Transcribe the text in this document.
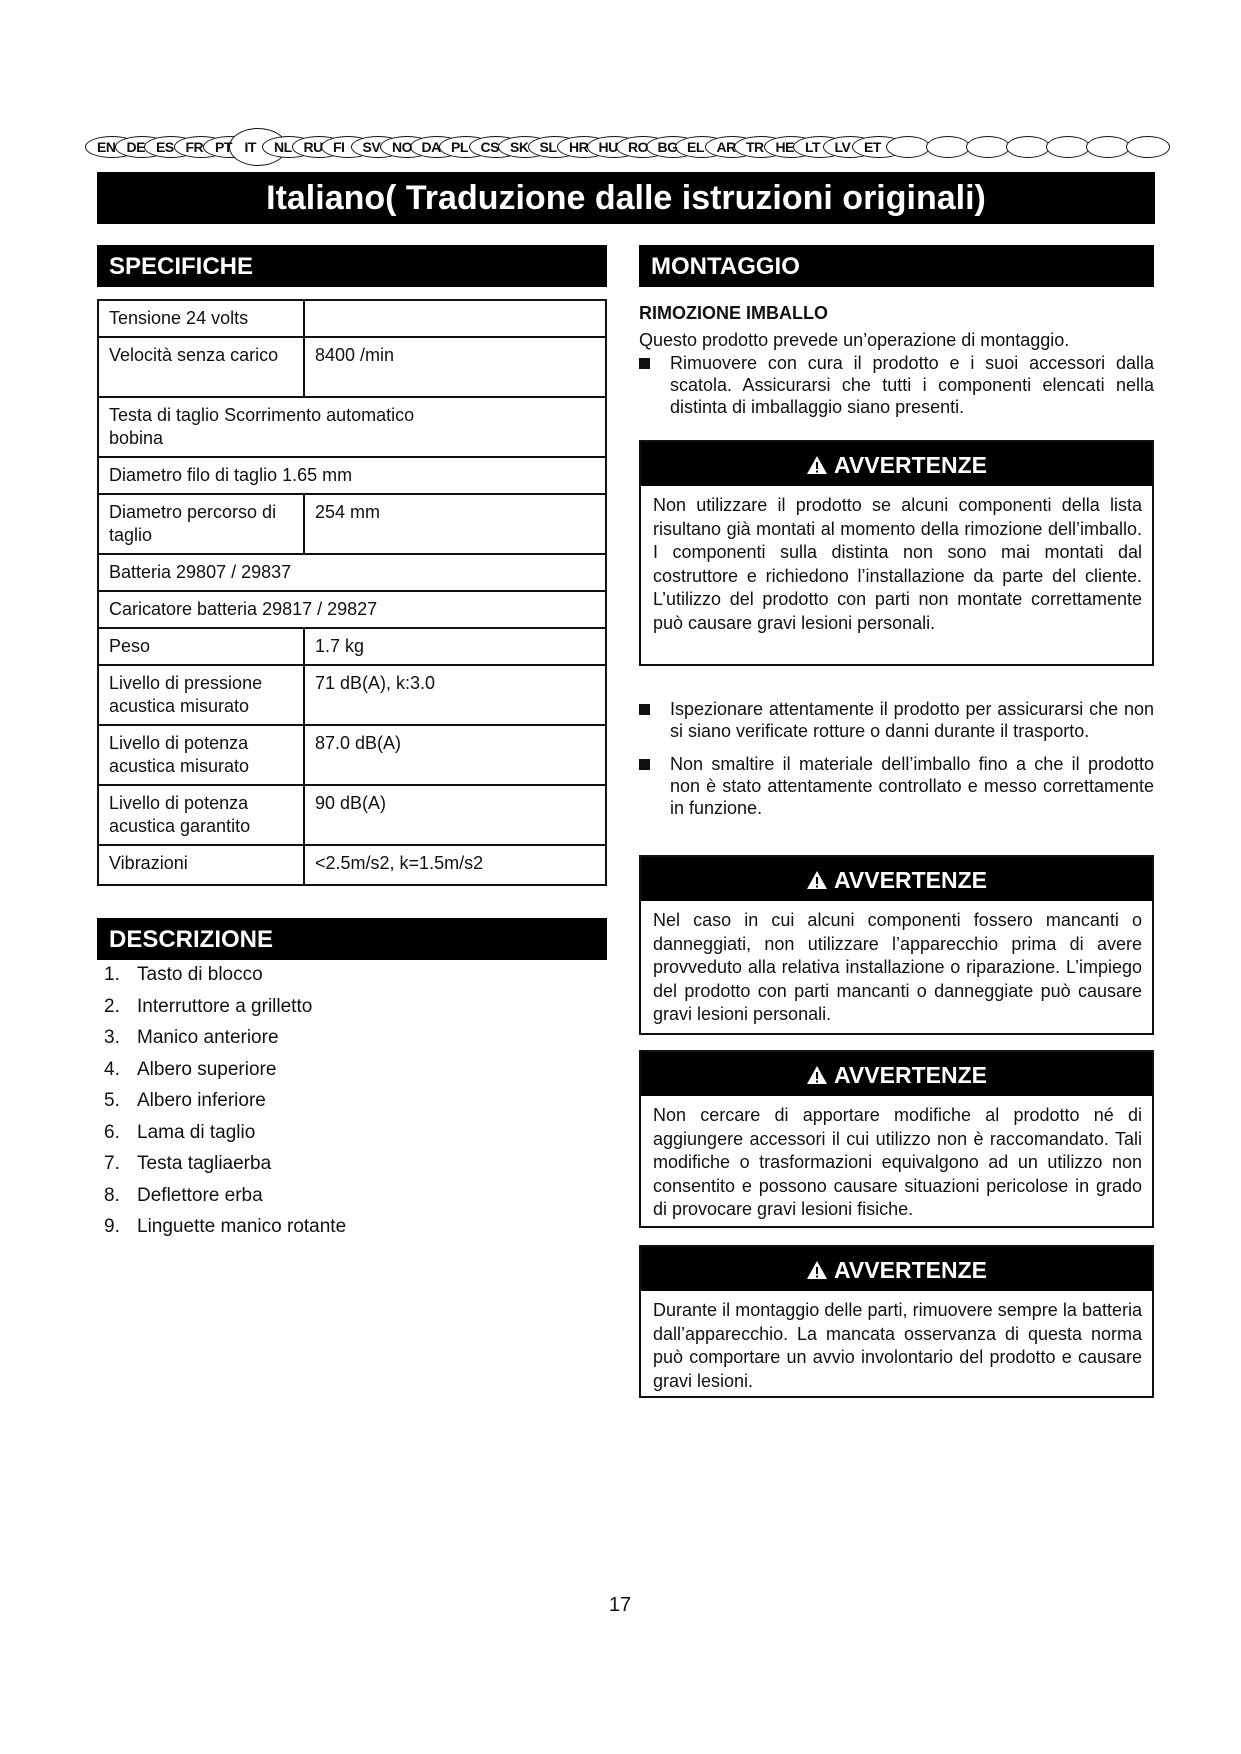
EN DE ES FR PT IT NL RU FI SV NO DA PL CS SK SL HR HU RO BG EL AR TR HE LT LV ET
Italiano( Traduzione dalle istruzioni originali)
SPECIFICHE
Tensione 24 volts	
Velocità senza carico	8400 /min

Testa di taglio Scorrimento automatico bobina	

Diametro filo di taglio 1.65 mm	
Diametro percorso di taglio	254 mm
Batteria 29807 / 29837	
Caricatore batteria 29817 / 29827	
Peso	1.7 kg
Livello di pressione acustica misurato	71 dB(A), k:3.0
Livello di potenza acustica misurato	87.0 dB(A)
Livello di potenza acustica garantito	90 dB(A)
Vibrazioni	<2.5m/s2, k=1.5m/s2
DESCRIZIONE
1. Tasto di blocco
2. Interruttore a grilletto
3. Manico anteriore
4. Albero superiore
5. Albero inferiore
6. Lama di taglio
7. Testa tagliaerba
8. Deflettore erba
9. Linguette manico rotante
MONTAGGIO
RIMOZIONE IMBALLO
Questo prodotto prevede un’operazione di montaggio.
Rimuovere con cura il prodotto e i suoi accessori dalla scatola. Assicurarsi che tutti i componenti elencati nella distinta di imballaggio siano presenti.
AVVERTENZE
Non utilizzare il prodotto se alcuni componenti della lista risultano già montati al momento della rimozione dell’imballo. I componenti sulla distinta non sono mai montati dal costruttore e richiedono l’installazione da parte del cliente. L’utilizzo del prodotto con parti non montate correttamente può causare gravi lesioni personali.
Ispezionare attentamente il prodotto per assicurarsi che non si siano verificate rotture o danni durante il trasporto.
Non smaltire il materiale dell’imballo fino a che il prodotto non è stato attentamente controllato e messo correttamente in funzione.
AVVERTENZE
Nel caso in cui alcuni componenti fossero mancanti o danneggiati, non utilizzare l’apparecchio prima di avere provveduto alla relativa installazione o riparazione. L’impiego del prodotto con parti mancanti o danneggiate può causare gravi lesioni personali.
AVVERTENZE
Non cercare di apportare modifiche al prodotto né di aggiungere accessori il cui utilizzo non è raccomandato. Tali modifiche o trasformazioni equivalgono ad un utilizzo non consentito e possono causare situazioni pericolose in grado di provocare gravi lesioni fisiche.
AVVERTENZE
Durante il montaggio delle parti, rimuovere sempre la batteria dall’apparecchio. La mancata osservanza di questa norma può comportare un avvio involontario del prodotto e causare gravi lesioni.
17
